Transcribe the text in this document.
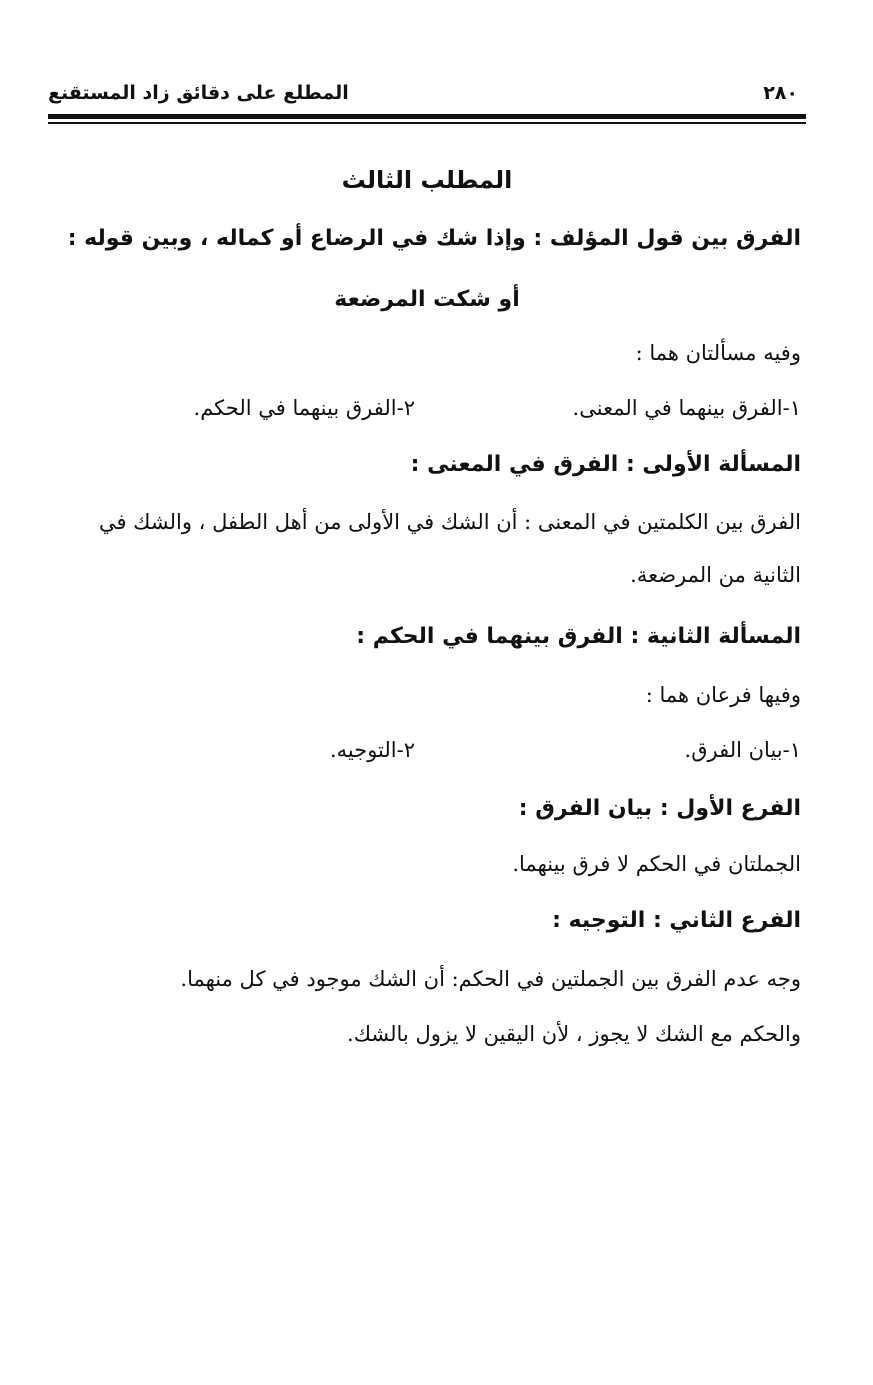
المطلع على دقائق زاد المستقنع	٢٨٠
المطلب الثالث
الفرق بين قول المؤلف : وإذا شك في الرضاع أو كماله ، وبين قوله :
أو شكت المرضعة
وفيه مسألتان هما :
١-الفرق بينهما في المعنى.
٢-الفرق بينهما في الحكم.
المسألة الأولى : الفرق في المعنى :
الفرق بين الكلمتين في المعنى : أن الشك في الأولى من أهل الطفل ، والشك في
الثانية من المرضعة.
المسألة الثانية : الفرق بينهما في الحكم :
وفيها فرعان هما :
١-بيان الفرق.
٢-التوجيه.
الفرع الأول : بيان الفرق :
الجملتان في الحكم لا فرق بينهما.
الفرع الثاني : التوجيه :
وجه عدم الفرق بين الجملتين في الحكم: أن الشك موجود في كل منهما.
والحكم مع الشك لا يجوز ، لأن اليقين لا يزول بالشك.
